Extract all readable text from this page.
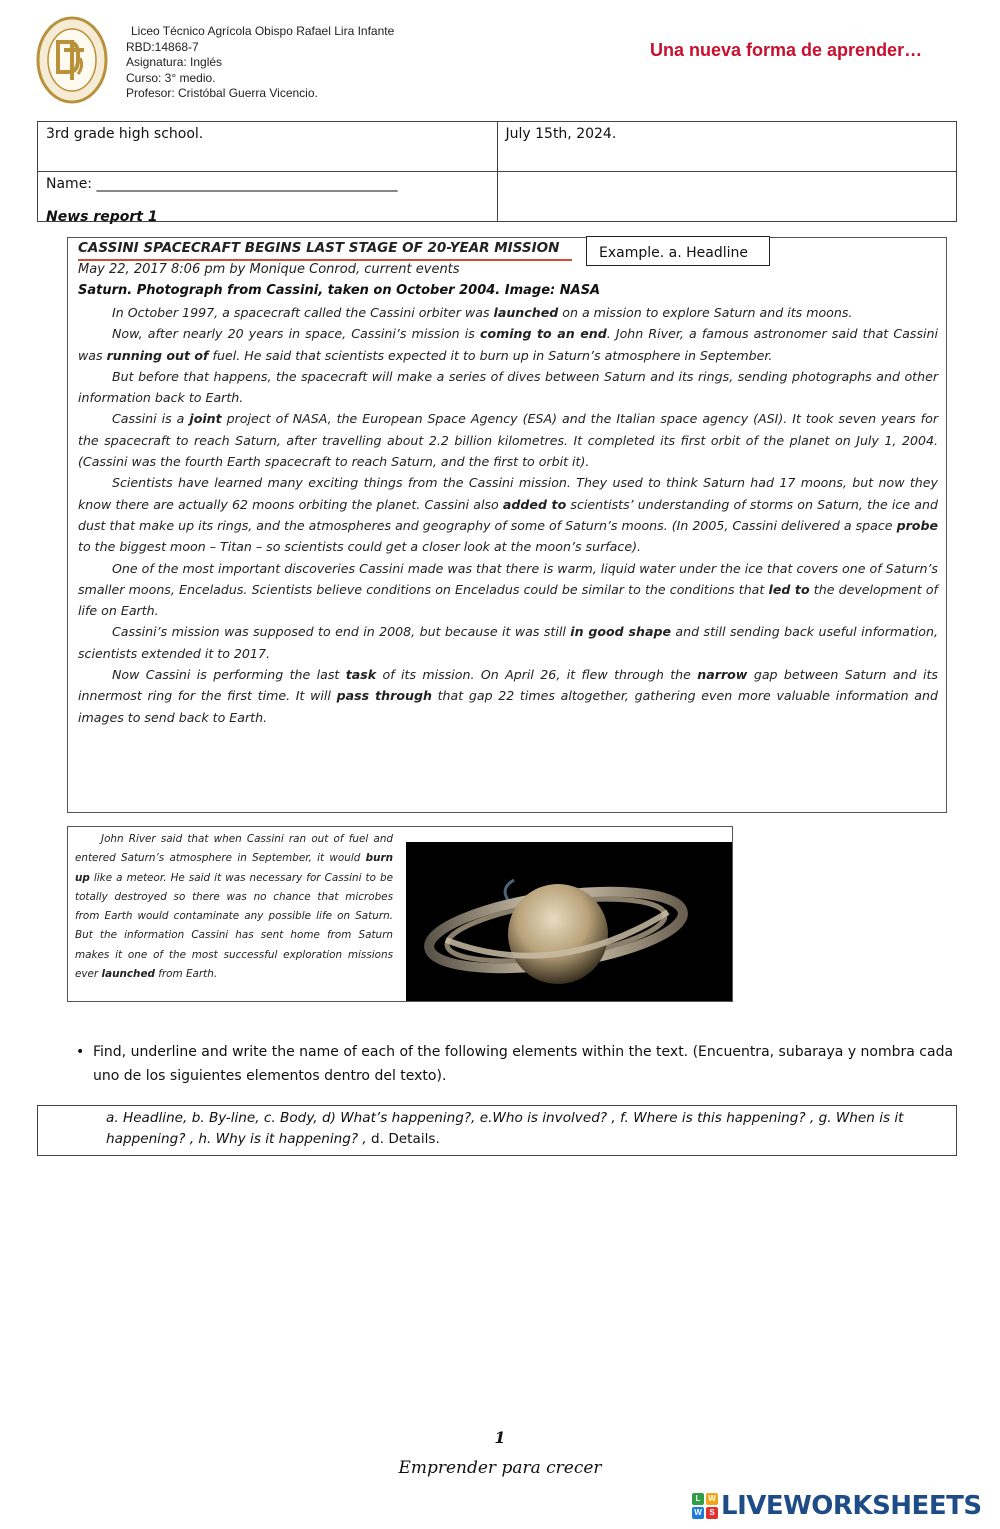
Liceo Técnico Agrícola Obispo Rafael Lira Infante
RBD:14868-7
Asignatura: Inglés
Curso: 3° medio.
Profesor: Cristóbal Guerra Vicencio.
Una nueva forma de aprender…
3rd grade high school.	July 15th, 2024.
Name: ___________________________________________	
News report 1
CASSINI SPACECRAFT BEGINS LAST STAGE OF 20-YEAR MISSION	Example. a. Headline
May 22, 2017 8:06 pm by Monique Conrod, current events
Saturn. Photograph from Cassini, taken on October 2004. Image: NASA

In October 1997, a spacecraft called the Cassini orbiter was launched on a mission to explore Saturn and its moons.

Now, after nearly 20 years in space, Cassini’s mission is coming to an end. John River, a famous astronomer said that Cassini was running out of fuel. He said that scientists expected it to burn up in Saturn’s atmosphere in September.

But before that happens, the spacecraft will make a series of dives between Saturn and its rings, sending photographs and other information back to Earth.

Cassini is a joint project of NASA, the European Space Agency (ESA) and the Italian space agency (ASI). It took seven years for the spacecraft to reach Saturn, after travelling about 2.2 billion kilometres. It completed its first orbit of the planet on July 1, 2004. (Cassini was the fourth Earth spacecraft to reach Saturn, and the first to orbit it).

Scientists have learned many exciting things from the Cassini mission. They used to think Saturn had 17 moons, but now they know there are actually 62 moons orbiting the planet. Cassini also added to scientists’ understanding of storms on Saturn, the ice and dust that make up its rings, and the atmospheres and geography of some of Saturn’s moons. (In 2005, Cassini delivered a space probe to the biggest moon – Titan – so scientists could get a closer look at the moon’s surface).

One of the most important discoveries Cassini made was that there is warm, liquid water under the ice that covers one of Saturn’s smaller moons, Enceladus. Scientists believe conditions on Enceladus could be similar to the conditions that led to the development of life on Earth.

Cassini’s mission was supposed to end in 2008, but because it was still in good shape and still sending back useful information, scientists extended it to 2017.

Now Cassini is performing the last task of its mission. On April 26, it flew through the narrow gap between Saturn and its innermost ring for the first time. It will pass through that gap 22 times altogether, gathering even more valuable information and images to send back to Earth.

John River said that when Cassini ran out of fuel and entered Saturn’s atmosphere in September, it would burn up like a meteor. He said it was necessary for Cassini to be totally destroyed so there was no chance that microbes from Earth would contaminate any possible life on Saturn. But the information Cassini has sent home from Saturn makes it one of the most successful exploration missions ever launched from Earth.

• Find, underline and write the name of each of the following elements within the text. (Encuentra, subaraya y nombra cada uno de los siguientes elementos dentro del texto).
a. Headline, b. By-line, c. Body, d) What’s happening?, e.Who is involved? , f. Where is this happening? , g. When is it happening? , h. Why is it happening? , d. Details.
1
Emprender para crecer
L W
W S LIVEWORKSHEETS
